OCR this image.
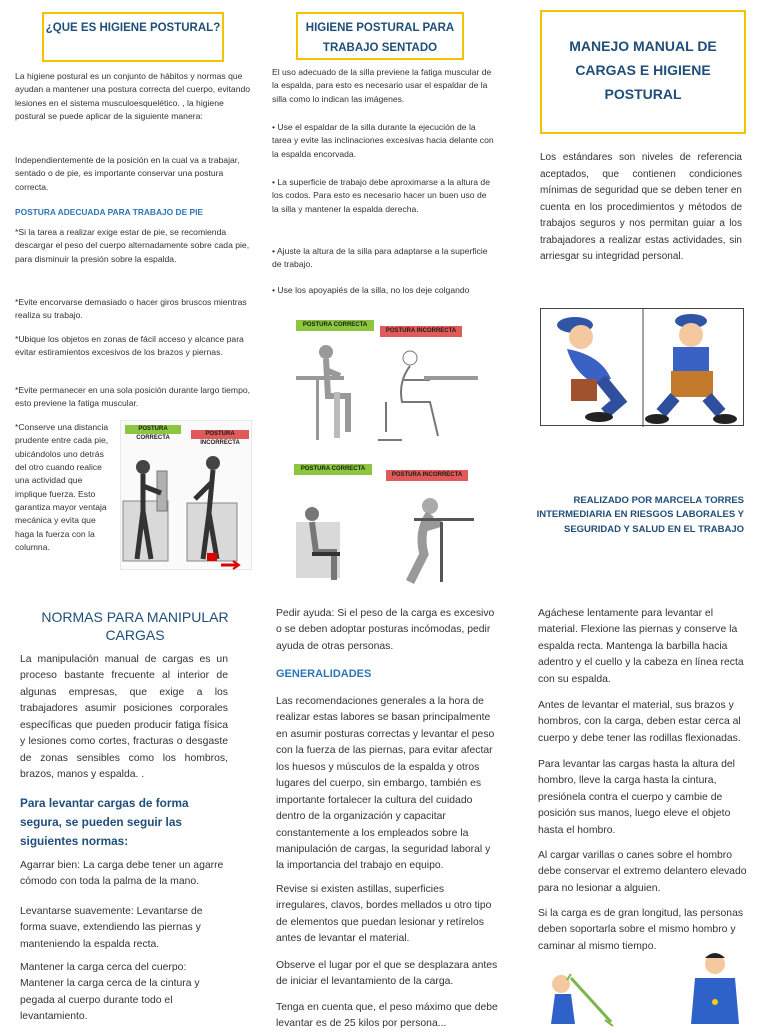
¿QUE ES HIGIENE POSTURAL?
La higiene postural es un conjunto de hábitos y normas que ayudan a mantener una postura correcta del cuerpo, evitando lesiones en el sistema musculoesquelético. , la higiene postural se puede aplicar de la siguiente manera:
Independientemente de la posición en la cual va a trabajar, sentado o de pie, es importante conservar una postura correcta.
POSTURA ADECUADA PARA TRABAJO DE PIE
*Si la tarea a realizar exige estar de pie, se recomienda descargar el peso del cuerpo alternadamente sobre cada pie, para disminuir la presión sobre la espalda.
*Evite encorvarse demasiado o hacer giros bruscos mientras realiza su trabajo.
*Ubique los objetos en zonas de fácil acceso y alcance para evitar estiramientos excesivos de los brazos y piernas.
*Evite permanecer en una sola posición durante largo tiempo, esto previene la fatiga muscular.
*Conserve una distancia prudente entre cada pie, ubicándolos uno detrás del otro cuando realice una actividad que implique fuerza. Esto garantiza mayor ventaja mecánica y evita que haga la fuerza con la columna.
POSTURA CORRECTA
POSTURA INCORRECTA
HIGIENE POSTURAL PARA TRABAJO SENTADO
El uso adecuado de la silla previene la fatiga muscular de la espalda, para esto es necesario usar el espaldar de la silla como lo indican las imágenes.
• Use el espaldar de la silla durante la ejecución de la tarea y evite las inclinaciones excesivas hacia delante con la espalda encorvada.
• La superficie de trabajo debe aproximarse a la altura de los codos. Para esto es necesario hacer un buen uso de la silla y mantener la espalda derecha.
• Ajuste la altura de la silla para adaptarse a la superficie de trabajo.
• Use los apoyapiés de la silla, no los deje colgando
POSTURA CORRECTA
POSTURA INCORRECTA
POSTURA CORRECTA
POSTURA INCORRECTA
MANEJO MANUAL DE CARGAS E HIGIENE POSTURAL
Los estándares son niveles de referencia aceptados, que contienen condiciones mínimas de seguridad que se deben tener en cuenta en los procedimientos y métodos de trabajos seguros y nos permitan guiar a los trabajadores a realizar estas actividades, sin arriesgar su integridad personal.
REALIZADO POR MARCELA TORRES INTERMEDIARIA EN RIESGOS LABORALES Y SEGURIDAD Y SALUD EN EL TRABAJO
NORMAS PARA MANIPULAR CARGAS
La manipulación manual de cargas es un proceso bastante frecuente al interior de algunas empresas, que exige a los trabajadores asumir posiciones corporales específicas que pueden producir fatiga física y lesiones como cortes, fracturas o desgaste de zonas sensibles como los hombros, brazos, manos y espalda. .
Para levantar cargas de forma segura, se pueden seguir las siguientes normas:
Agarrar bien: La carga debe tener un agarre cómodo con toda la palma de la mano.
Levantarse suavemente: Levantarse de forma suave, extendiendo las piernas y manteniendo la espalda recta.
Mantener la carga cerca del cuerpo: Mantener la carga cerca de la cintura y pegada al cuerpo durante todo el levantamiento.
Pedir ayuda: Si el peso de la carga es excesivo o se deben adoptar posturas incómodas, pedir ayuda de otras personas.
GENERALIDADES
Las recomendaciones generales a la hora de realizar estas labores se basan principalmente en asumir posturas correctas y levantar el peso con la fuerza de las piernas, para evitar afectar los huesos y músculos de la espalda y otros lugares del cuerpo, sin embargo, también es importante fortalecer la cultura del cuidado dentro de la organización y capacitar constantemente a los empleados sobre la manipulación de cargas, la seguridad laboral y la importancia del trabajo en equipo.
Revise si existen astillas, superficies irregulares, clavos, bordes mellados u otro tipo de elementos que puedan lesionar y retírelos antes de levantar el material.
Observe el lugar por el que se desplazara antes de iniciar el levantamiento de la carga.
Tenga en cuenta que, el peso máximo que debe levantar es de 25 kilos por persona...
Agáchese lentamente para levantar el material. Flexione las piernas y conserve la espalda recta. Mantenga la barbilla hacia adentro y el cuello y la cabeza en línea recta con su espalda.
Antes de levantar el material, sus brazos y hombros, con la carga, deben estar cerca al cuerpo y debe tener las rodillas flexionadas.
Para levantar las cargas hasta la altura del hombro, lleve la carga hasta la cintura, presiónela contra el cuerpo y cambie de posición sus manos, luego eleve el objeto hasta el hombro.
Al cargar varillas o canes sobre el hombro debe conservar el extremo delantero elevado para no lesionar a alguien.
Si la carga es de gran longitud, las personas deben soportarla sobre el mismo hombro y caminar al mismo tiempo.
